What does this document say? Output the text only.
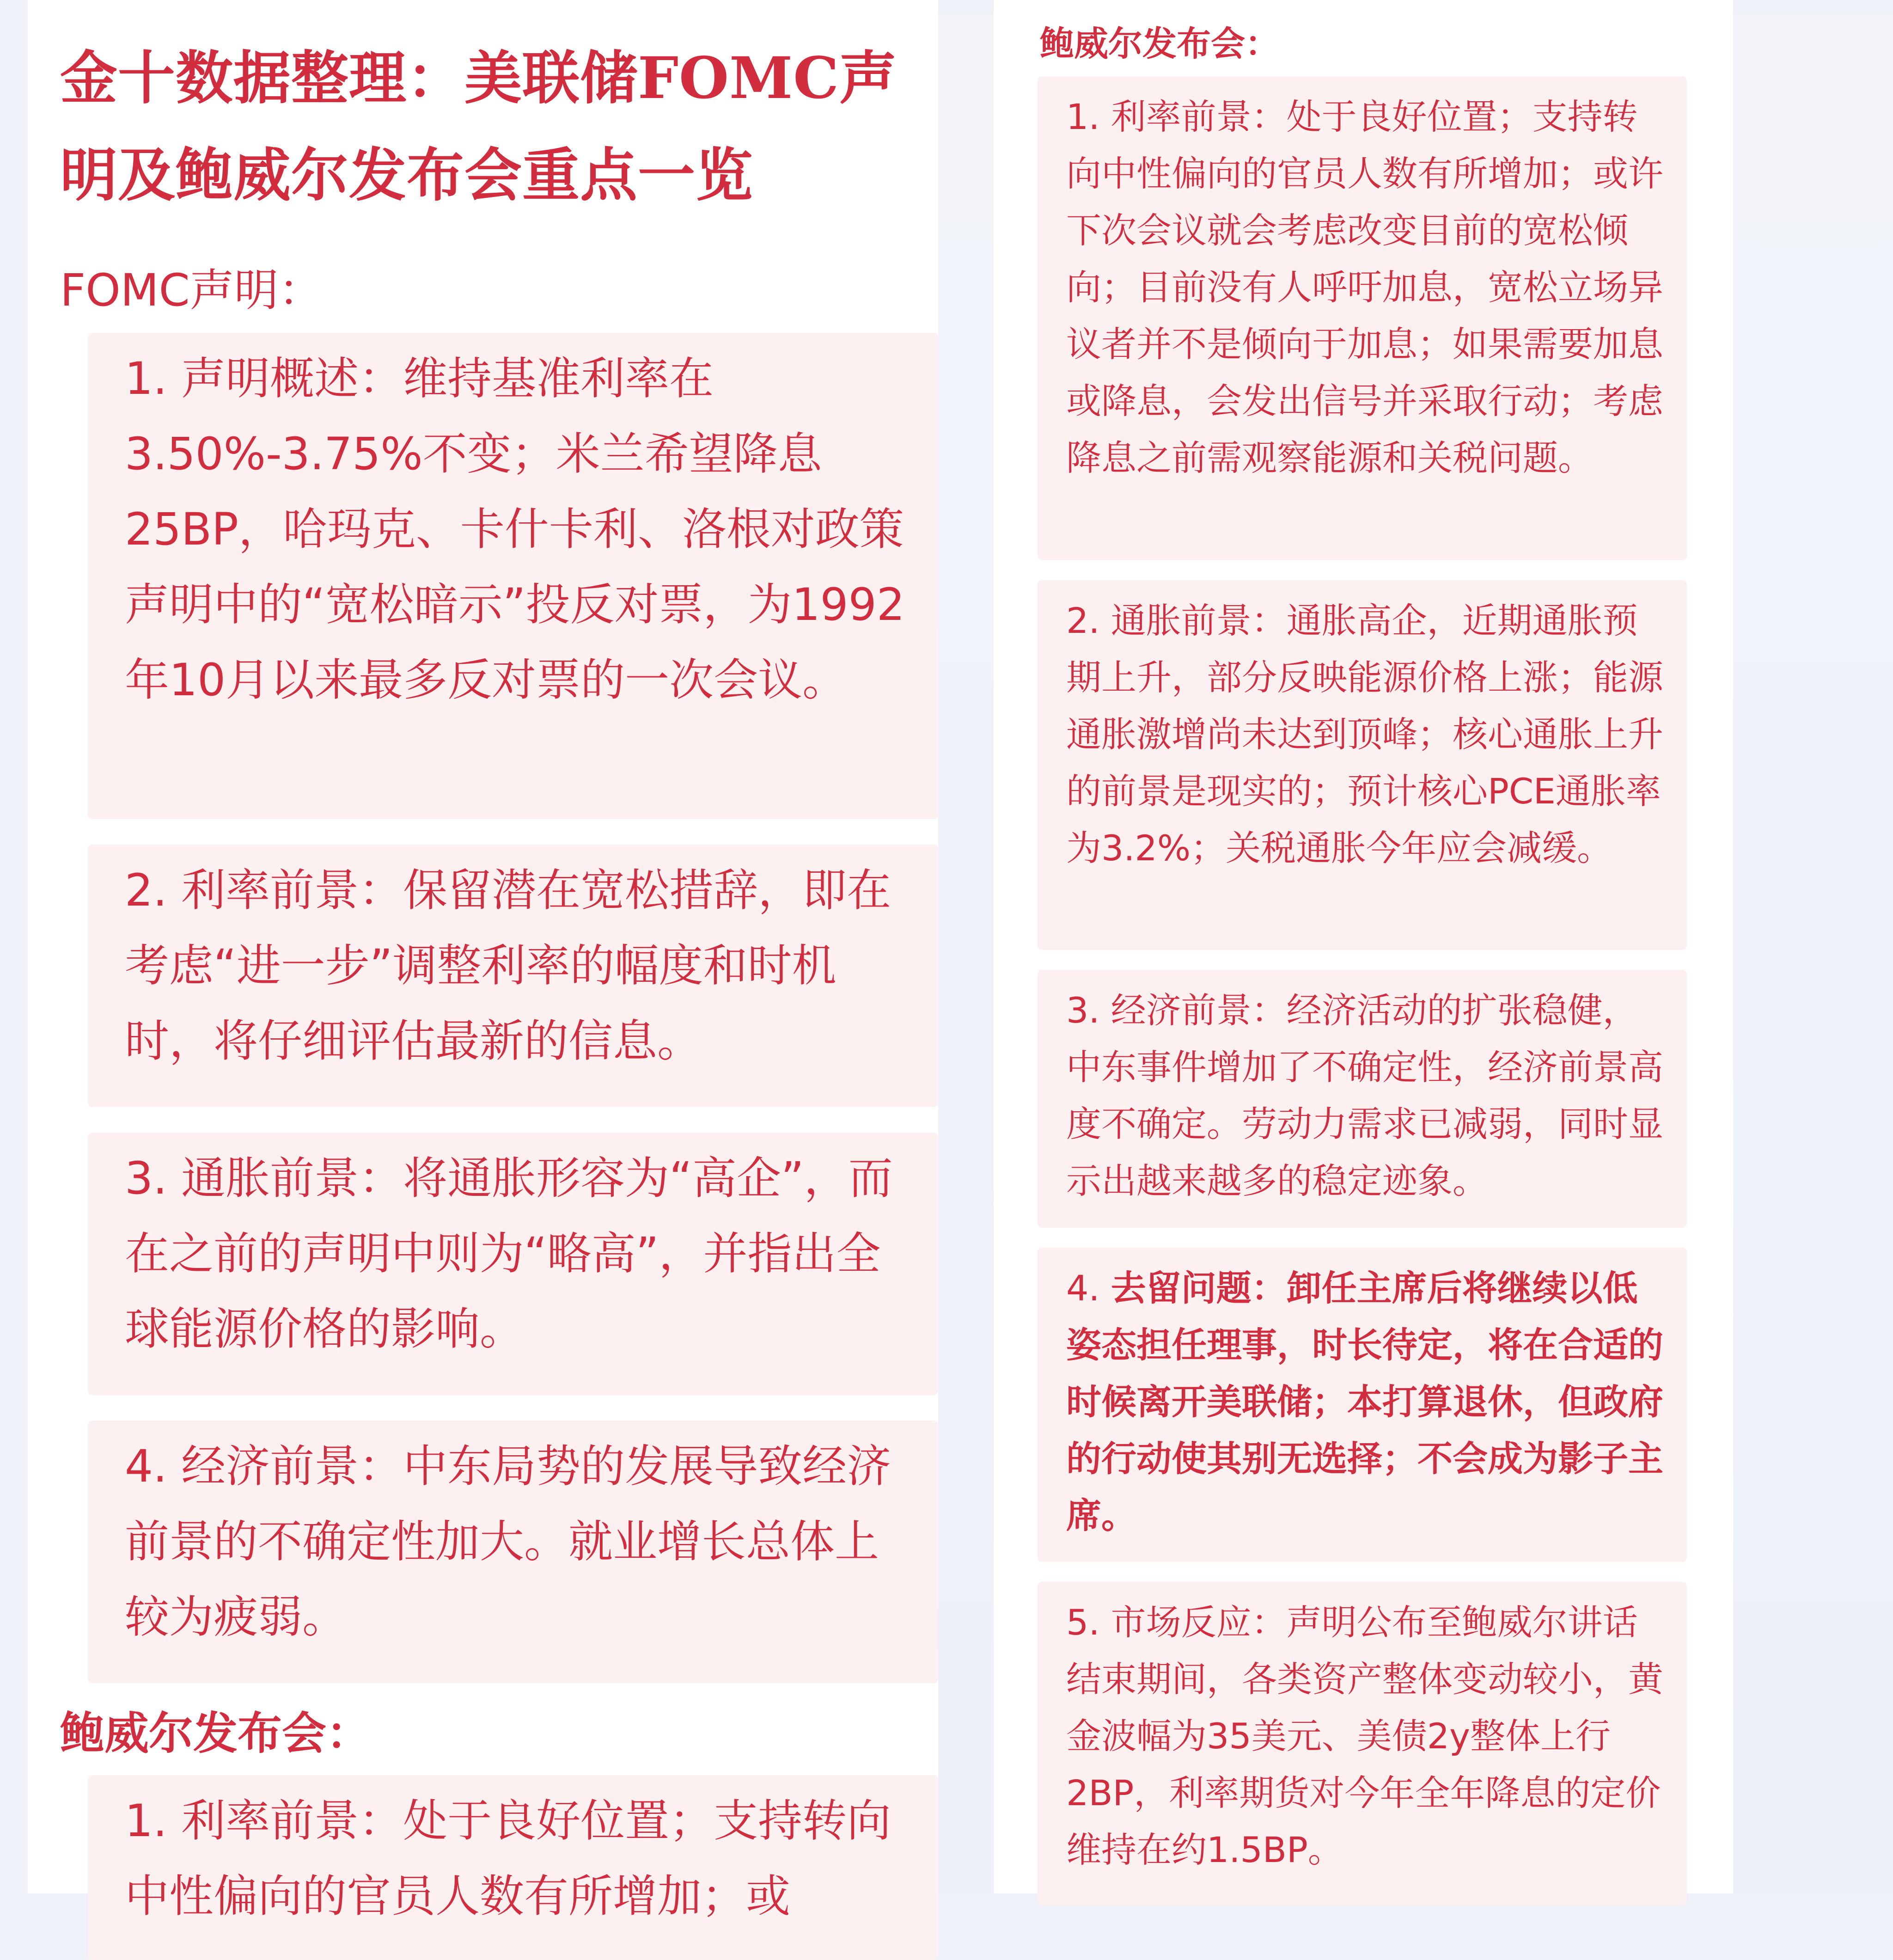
金十数据整理：美联储FOMC声明及鲍威尔发布会重点一览
FOMC声明：

1. 声明概述：维持基准利率在3.50%-3.75%不变；米兰希望降息25BP，哈玛克、卡什卡利、洛根对政策声明中的“宽松暗示”投反对票，为1992年10月以来最多反对票的一次会议。

2. 利率前景：保留潜在宽松措辞，即在考虑“进一步”调整利率的幅度和时机时，将仔细评估最新的信息。

3. 通胀前景：将通胀形容为“高企”，而在之前的声明中则为“略高”，并指出全球能源价格的影响。

4. 经济前景：中东局势的发展导致经济前景的不确定性加大。就业增长总体上较为疲弱。

鲍威尔发布会：

1. 利率前景：处于良好位置；支持转向中性偏向的官员人数有所增加；或

鲍威尔发布会：

1. 利率前景：处于良好位置；支持转向中性偏向的官员人数有所增加；或许下次会议就会考虑改变目前的宽松倾向；目前没有人呼吁加息，宽松立场异议者并不是倾向于加息；如果需要加息或降息，会发出信号并采取行动；考虑降息之前需观察能源和关税问题。

2. 通胀前景：通胀高企，近期通胀预期上升，部分反映能源价格上涨；能源通胀激增尚未达到顶峰；核心通胀上升的前景是现实的；预计核心PCE通胀率为3.2%；关税通胀今年应会减缓。

3. 经济前景：经济活动的扩张稳健，中东事件增加了不确定性，经济前景高度不确定。劳动力需求已减弱，同时显示出越来越多的稳定迹象。

4. 去留问题：卸任主席后将继续以低姿态担任理事，时长待定，将在合适的时候离开美联储；本打算退休，但政府的行动使其别无选择；不会成为影子主席。

5. 市场反应：声明公布至鲍威尔讲话结束期间，各类资产整体变动较小，黄金波幅为35美元、美债2y整体上行2BP，利率期货对今年全年降息的定价维持在约1.5BP。
